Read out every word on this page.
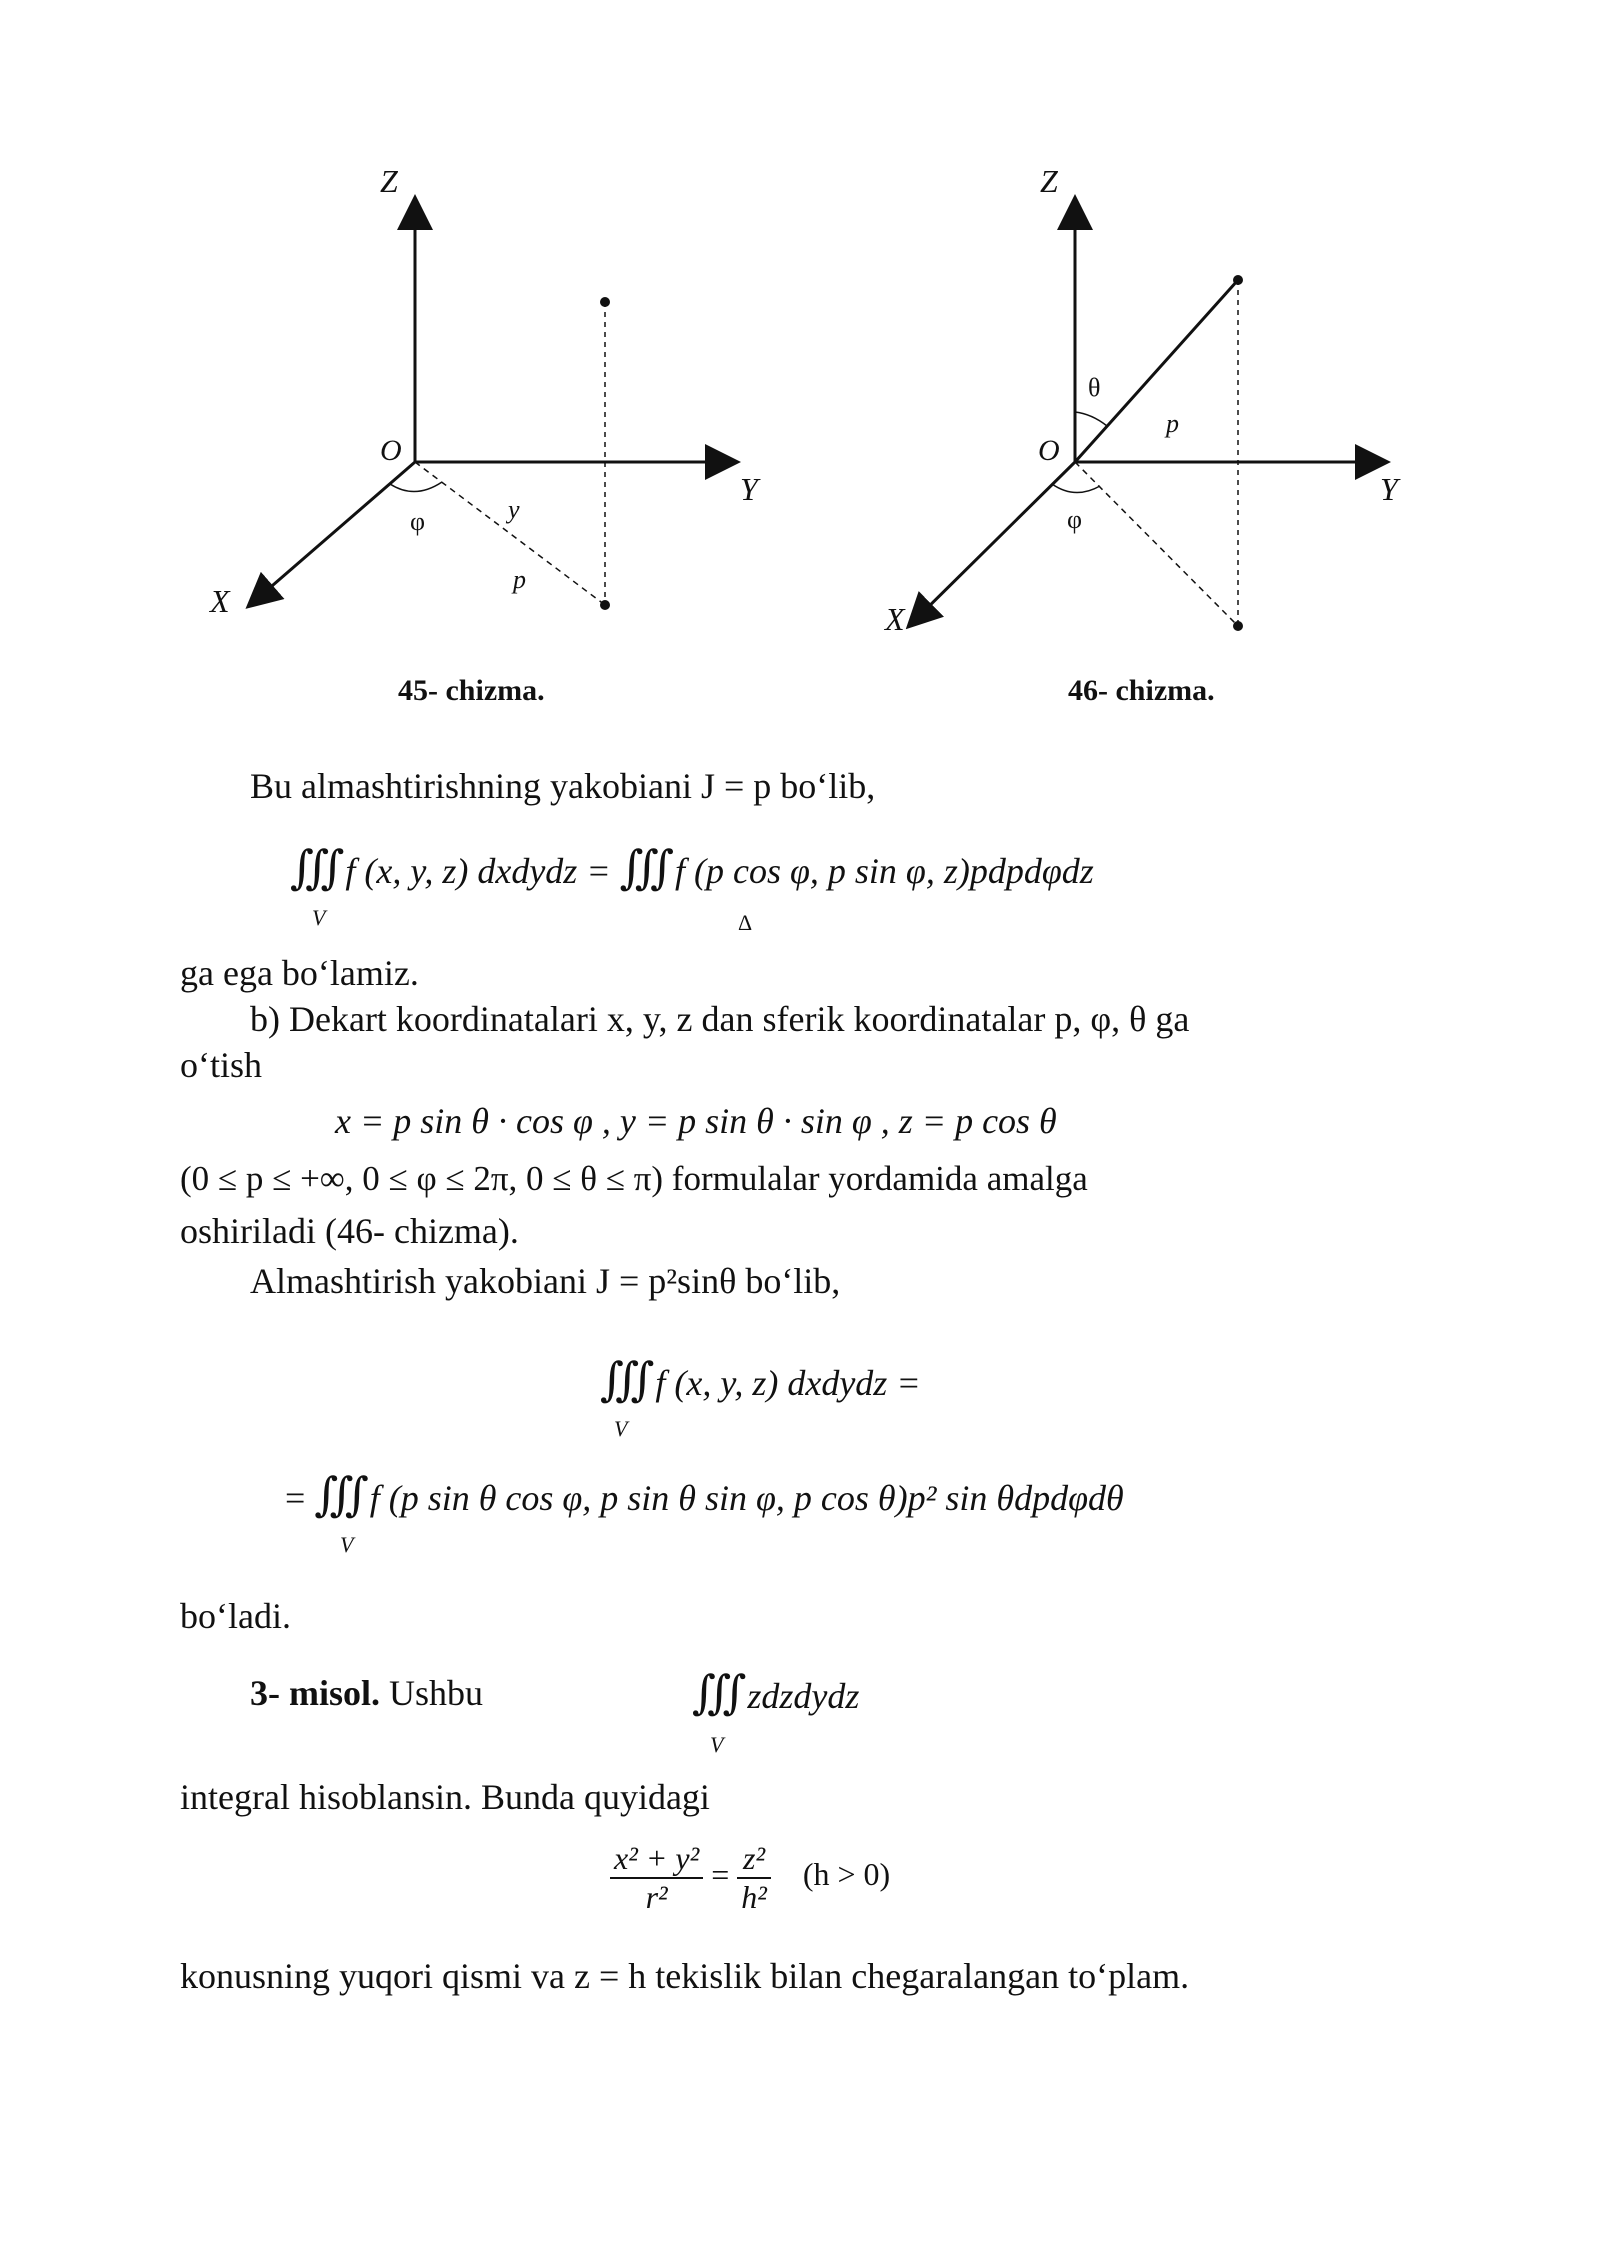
Z
Y
X
O
φ	y
p
45- chizma.
Z
Y
X
O
θ
φ
p
46- chizma.
Bu almashtirishning yakobiani J = p bo‘lib,
∭ f (x, y, z) dxdydz = ∭ f (p cos φ, p sin φ, z)pdpdφdz
V	Δ
ga ega bo‘lamiz.
b) Dekart koordinatalari x, y, z dan sferik koordinatalar p, φ, θ ga
o‘tish
x = p sin θ · cos φ , y = p sin θ · sin φ , z = p cos θ
(0 ≤ p ≤ +∞, 0 ≤ φ ≤ 2π, 0 ≤ θ ≤ π) formulalar yordamida amalga
oshiriladi (46- chizma).
Almashtirish yakobiani J = p²sinθ bo‘lib,
∭ f (x, y, z) dxdydz =
V
= ∭ f (p sin θ cos φ, p sin θ sin φ, p cos θ)p² sin θdpdφdθ
V
bo‘ladi.
3- misol. Ushbu	∭ zdzdydz
V
integral hisoblansin. Bunda quyidagi
$\frac{\text{x² + y²}}{\text{r²}} = \frac{\text{z²}}{\text{h²}} (h > 0)$
konusning yuqori qismi va z = h tekislik bilan chegaralangan to‘plam.
